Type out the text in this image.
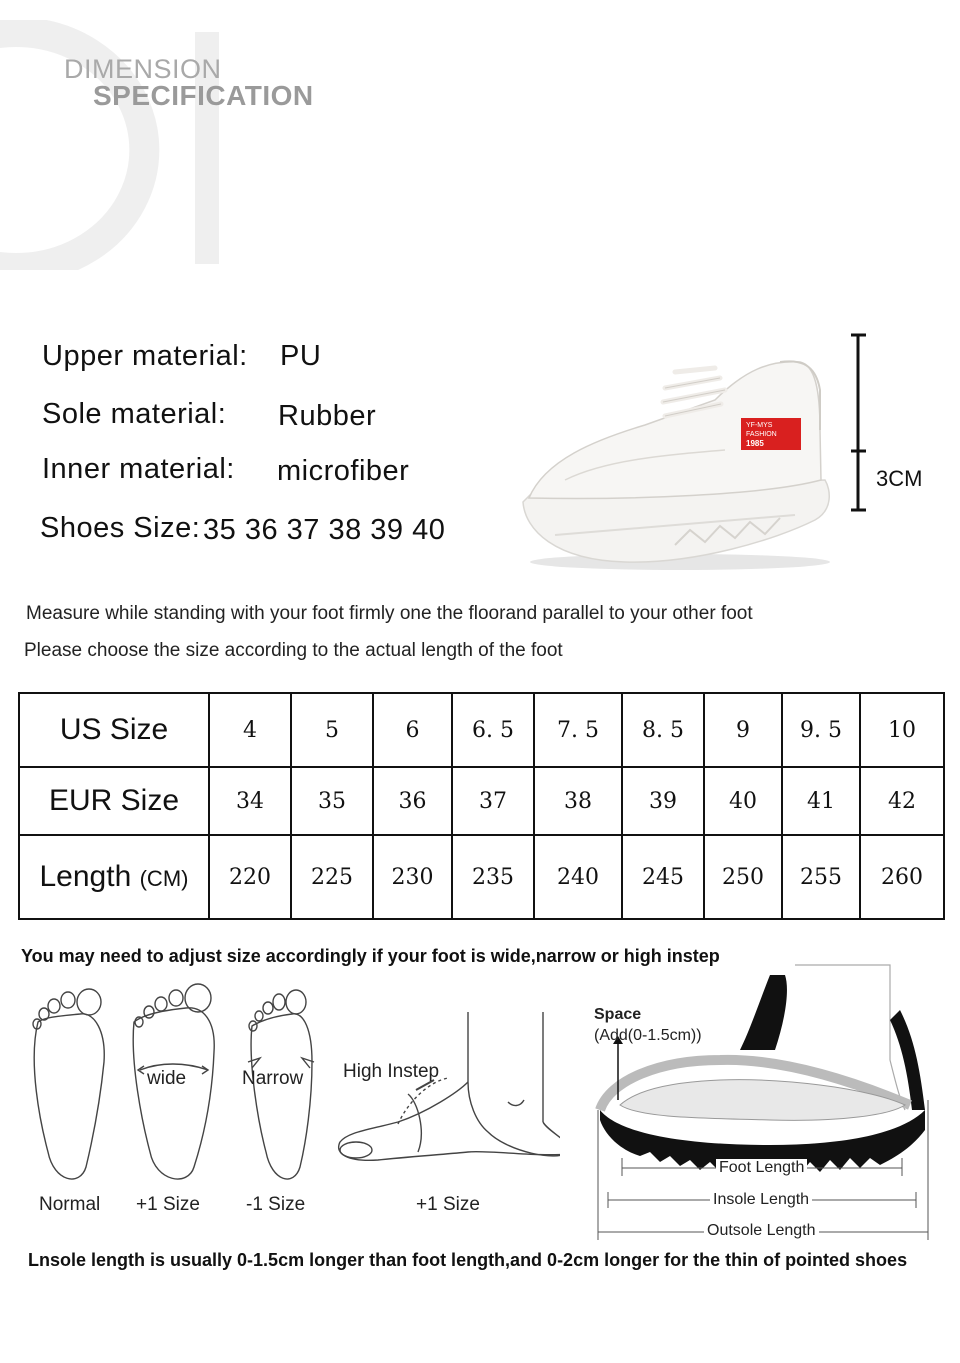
DIMENSION
SPECIFICATION
Upper material: PU
Sole material: Rubber
Inner material: microfiber
Shoes Size: 35 36 37 38 39 40
YF-MYS
FASHION
1985
3CM
Measure while standing with your foot firmly one the floorand parallel to your other foot
Please choose the size according to the actual length of the foot
US Size	4	5	6	6. 5	7. 5	8. 5	9	9. 5	10
EUR Size	34	35	36	37	38	39	40	41	42
Length (CM)	220	225	230	235	240	245	250	255	260
You may need to adjust size accordingly if your foot is wide,narrow or high instep
wide	Narrow High Instep
Normal +1 Size -1 Size	+1 Size
Space
(Add(0-1.5cm))
Foot Length
Insole Length
Outsole Length
Lnsole length is usually 0-1.5cm longer than foot length,and 0-2cm longer for the thin of pointed shoes
